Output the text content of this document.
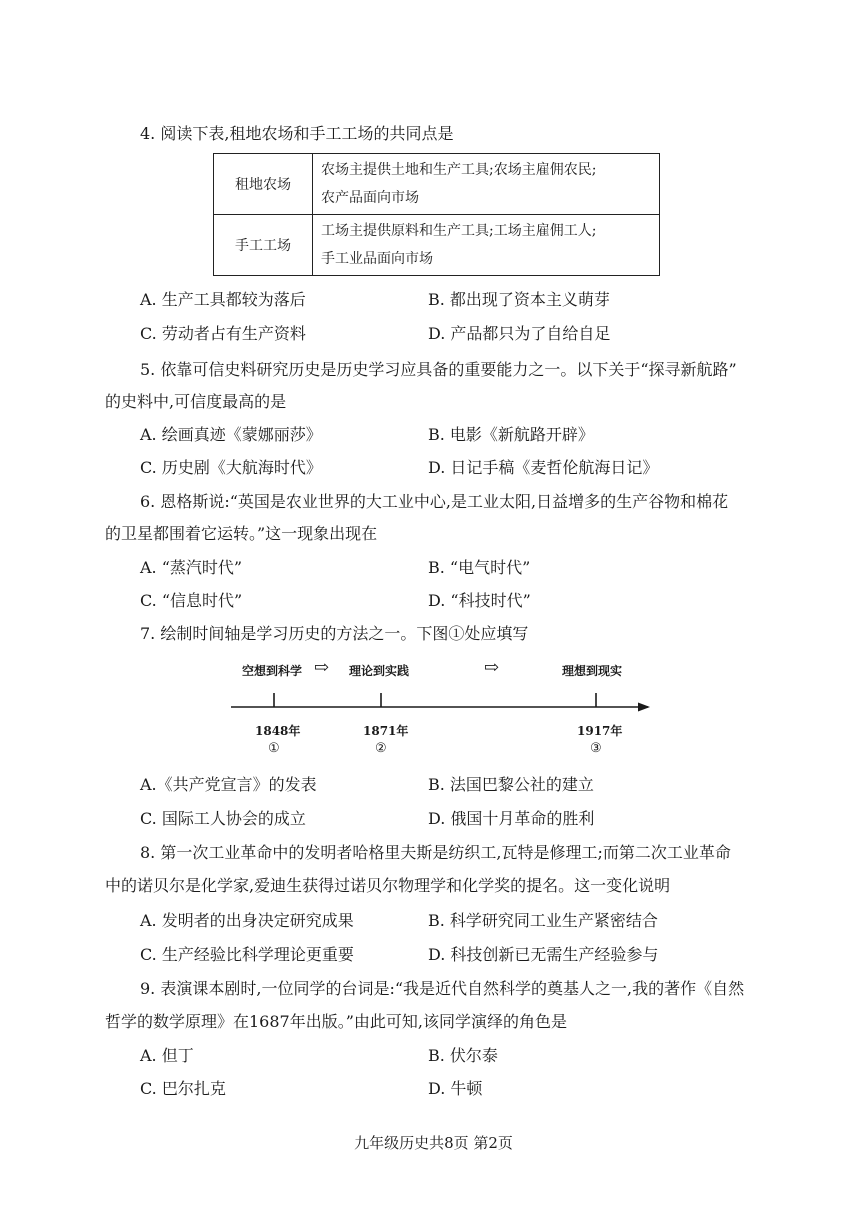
4. 阅读下表,租地农场和手工工场的共同点是
租地农场	农场主提供土地和生产工具;农场主雇佣农民;
农产品面向市场

手工工场	工场主提供原料和生产工具;工场主雇佣工人;
手工业品面向市场
A. 生产工具都较为落后	B. 都出现了资本主义萌芽
C. 劳动者占有生产资料	D. 产品都只为了自给自足
5. 依靠可信史料研究历史是历史学习应具备的重要能力之一。以下关于“探寻新航路”
的史料中,可信度最高的是
A. 绘画真迹《蒙娜丽莎》	B. 电影《新航路开辟》
C. 历史剧《大航海时代》	D. 日记手稿《麦哲伦航海日记》
6. 恩格斯说:“英国是农业世界的大工业中心,是工业太阳,日益增多的生产谷物和棉花
的卫星都围着它运转。”这一现象出现在
A. “蒸汽时代”	B. “电气时代”
C. “信息时代”	D. “科技时代”
7. 绘制时间轴是学习历史的方法之一。下图①处应填写
空想到科学 ⇨ 理论到实践	⇨	理想到现实
1848年	1871年	1917年
①	②	③
A.《共产党宣言》的发表	B. 法国巴黎公社的建立
C. 国际工人协会的成立	D. 俄国十月革命的胜利
8. 第一次工业革命中的发明者哈格里夫斯是纺织工,瓦特是修理工;而第二次工业革命
中的诺贝尔是化学家,爱迪生获得过诺贝尔物理学和化学奖的提名。这一变化说明
A. 发明者的出身决定研究成果	B. 科学研究同工业生产紧密结合
C. 生产经验比科学理论更重要	D. 科技创新已无需生产经验参与
9. 表演课本剧时,一位同学的台词是:“我是近代自然科学的奠基人之一,我的著作《自然
哲学的数学原理》在1687年出版。”由此可知,该同学演绎的角色是
A. 但丁	B. 伏尔泰
C. 巴尔扎克	D. 牛顿
九年级历史共8页 第2页
